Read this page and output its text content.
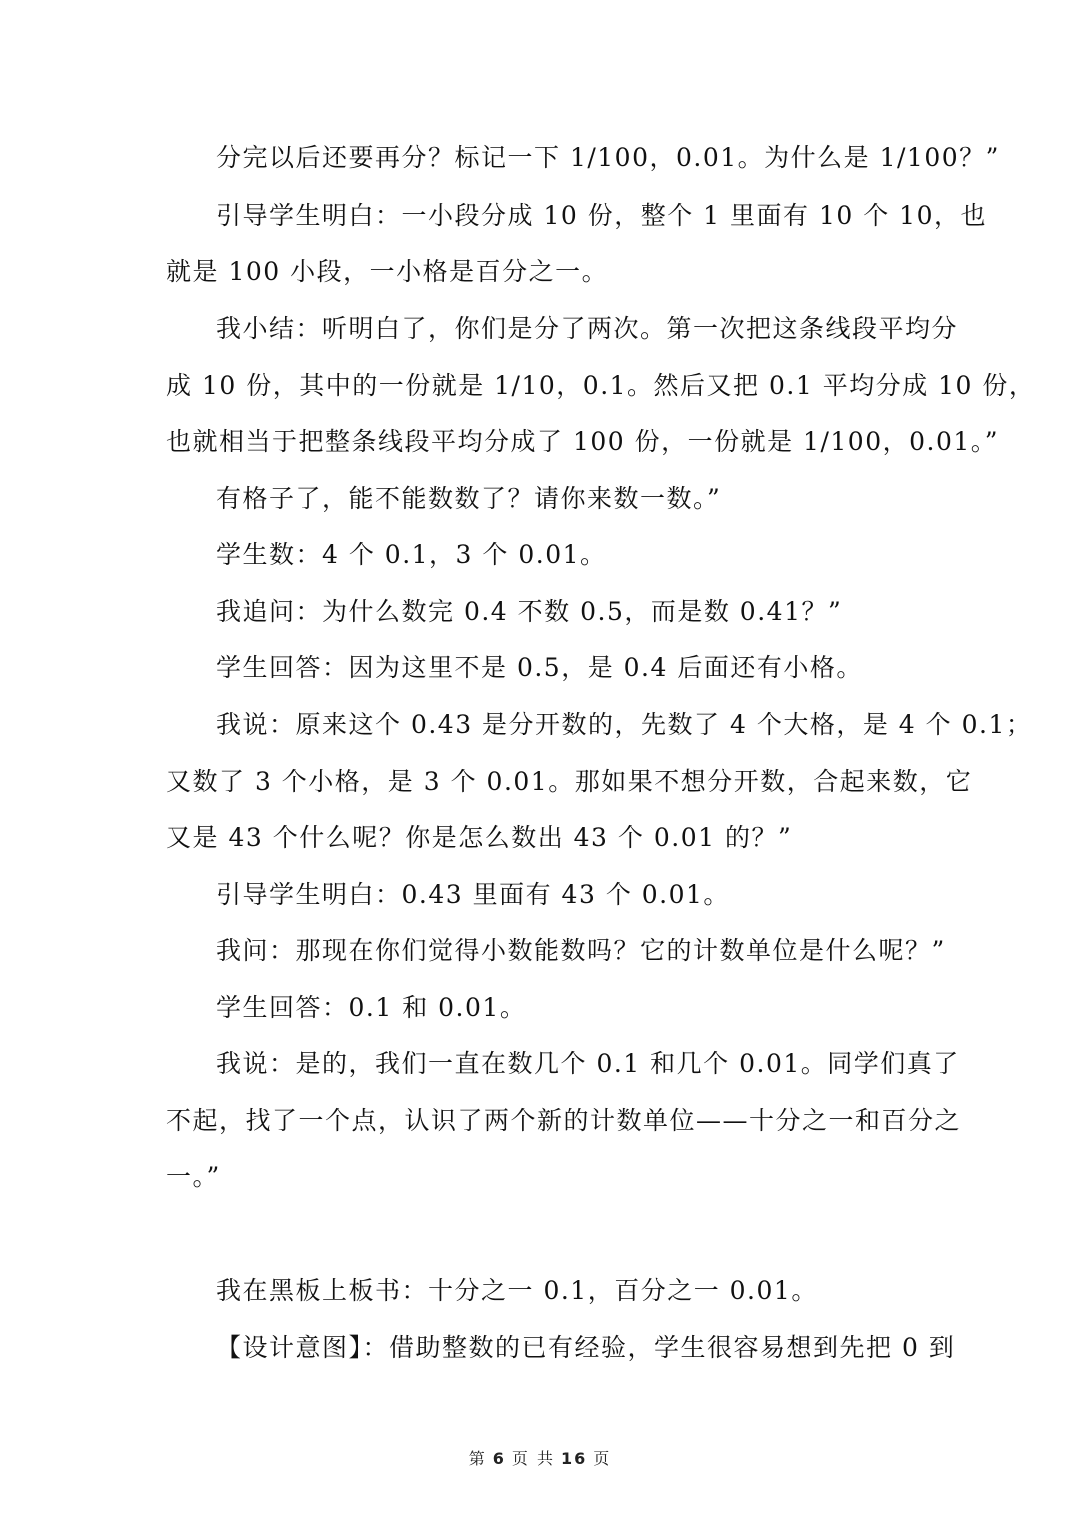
分完以后还要再分？标记一下 1/100，0.01。为什么是 1/100？”
引导学生明白：一小段分成 10 份，整个 1 里面有 10 个 10，也
就是 100 小段，一小格是百分之一。
我小结：听明白了，你们是分了两次。第一次把这条线段平均分
成 10 份，其中的一份就是 1/10，0.1。然后又把 0.1 平均分成 10 份，
也就相当于把整条线段平均分成了 100 份，一份就是 1/100，0.01。”
有格子了，能不能数数了？请你来数一数。”
学生数：4 个 0.1，3 个 0.01。
我追问：为什么数完 0.4 不数 0.5，而是数 0.41？”
学生回答：因为这里不是 0.5，是 0.4 后面还有小格。
我说：原来这个 0.43 是分开数的，先数了 4 个大格，是 4 个 0.1；
又数了 3 个小格，是 3 个 0.01。那如果不想分开数，合起来数，它
又是 43 个什么呢？你是怎么数出 43 个 0.01 的？”
引导学生明白：0.43 里面有 43 个 0.01。
我问：那现在你们觉得小数能数吗？它的计数单位是什么呢？”
学生回答：0.1 和 0.01。
我说：是的，我们一直在数几个 0.1 和几个 0.01。同学们真了
不起，找了一个点，认识了两个新的计数单位——十分之一和百分之
一。”
我在黑板上板书：十分之一 0.1，百分之一 0.01。
【设计意图】：借助整数的已有经验，学生很容易想到先把 0 到
第 6 页 共 16 页
